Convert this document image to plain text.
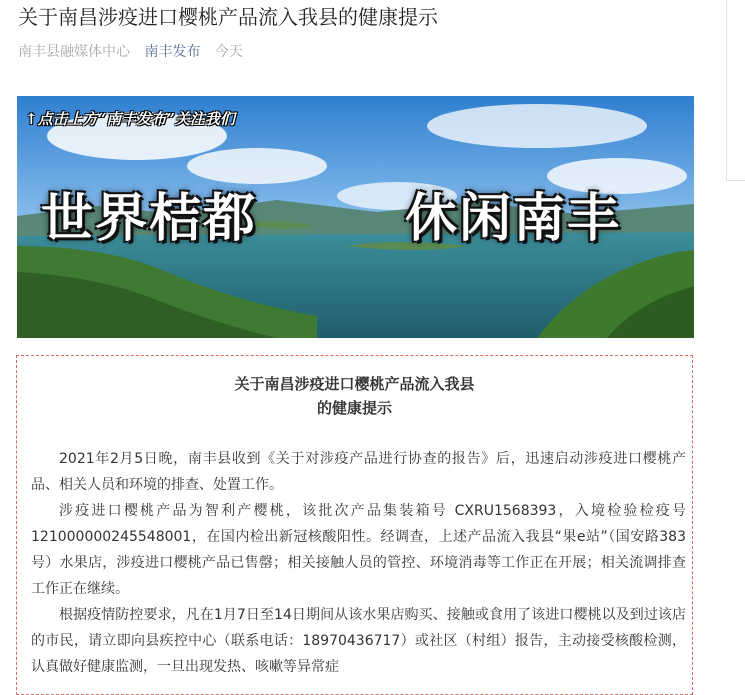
关于南昌涉疫进口樱桃产品流入我县的健康提示
南丰县融媒体中心 南丰发布 今天
↑点击上方“南丰发布”关注我们
世界桔都	休闲南丰
关于南昌涉疫进口樱桃产品流入我县
的健康提示

2021年2月5日晚，南丰县收到《关于对涉疫产品进行协查的报告》后，迅速启动涉疫进口樱桃产品、相关人员和环境的排查、处置工作。

涉疫进口樱桃产品为智利产樱桃，该批次产品集装箱号 CXRU1568393，入境检验检疫号 121000000245548001，在国内检出新冠核酸阳性。经调查，上述产品流入我县“果e站”（国安路383号）水果店，涉疫进口樱桃产品已售罄；相关接触人员的管控、环境消毒等工作正在开展；相关流调排查工作正在继续。

根据疫情防控要求，凡在1月7日至14日期间从该水果店购买、接触或食用了该进口樱桃以及到过该店的市民，请立即向县疾控中心（联系电话：18970436717）或社区（村组）报告，主动接受核酸检测，认真做好健康监测，一旦出现发热、咳嗽等异常症
